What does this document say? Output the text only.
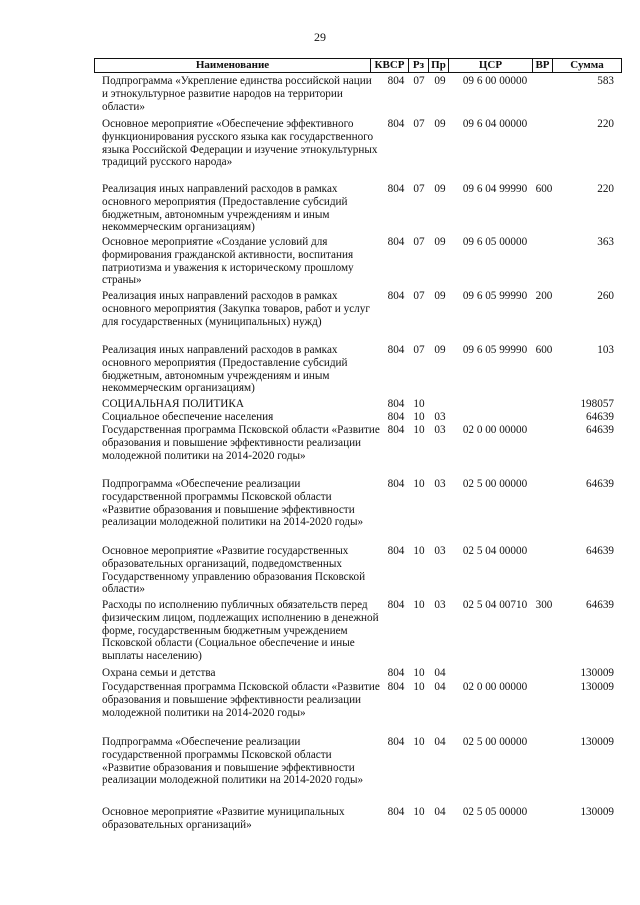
29
Наименование	КВСР Рз Пр	ЦСР	ВР	Сумма
Подпрограмма «Укрепление единства российской нации и этнокультурное развитие народов на территории области»
804 07 09	09 6 00 00000	583
Основное мероприятие «Обеспечение эффективного функционирования русского языка как государственного языка Российской Федерации и изучение этнокультурных традиций русского народа»
804 07 09	09 6 04 00000	220
Реализация иных направлений расходов в рамках основного мероприятия (Предоставление субсидий бюджетным, автономным учреждениям и иным некоммерческим организациям)
804 07 09	09 6 04 99990 600	220
Основное мероприятие «Создание условий для формирования гражданской активности, воспитания патриотизма и уважения к историческому прошлому страны»
804 07 09	09 6 05 00000	363
Реализация иных направлений расходов в рамках основного мероприятия (Закупка товаров, работ и услуг для государственных (муниципальных) нужд)
804 07 09	09 6 05 99990 200	260
Реализация иных направлений расходов в рамках основного мероприятия (Предоставление субсидий бюджетным, автономным учреждениям и иным некоммерческим организациям)
804 07 09	09 6 05 99990 600	103
СОЦИАЛЬНАЯ ПОЛИТИКА	804 10	198057
Социальное обеспечение населения	804 10 03	64639
Государственная программа Псковской области «Развитие образования и повышение эффективности реализации молодежной политики на 2014-2020 годы»
804 10 03	02 0 00 00000	64639
Подпрограмма «Обеспечение реализации государственной программы Псковской области «Развитие образования и повышение эффективности реализации молодежной политики на 2014-2020 годы»
804 10 03	02 5 00 00000	64639
Основное мероприятие «Развитие государственных образовательных организаций, подведомственных Государственному управлению образования Псковской области»
804 10 03	02 5 04 00000	64639
Расходы по исполнению публичных обязательств перед физическим лицом, подлежащих исполнению в денежной форме, государственным бюджетным учреждением Псковской области (Социальное обеспечение и иные выплаты населению)
804 10 03	02 5 04 00710 300	64639
Охрана семьи и детства	804 10 04	130009
Государственная программа Псковской области «Развитие образования и повышение эффективности реализации молодежной политики на 2014-2020 годы»
804 10 04	02 0 00 00000	130009
Подпрограмма «Обеспечение реализации государственной программы Псковской области «Развитие образования и повышение эффективности реализации молодежной политики на 2014-2020 годы»
804 10 04	02 5 00 00000	130009
Основное мероприятие «Развитие муниципальных образовательных организаций»
804 10 04	02 5 05 00000	130009
